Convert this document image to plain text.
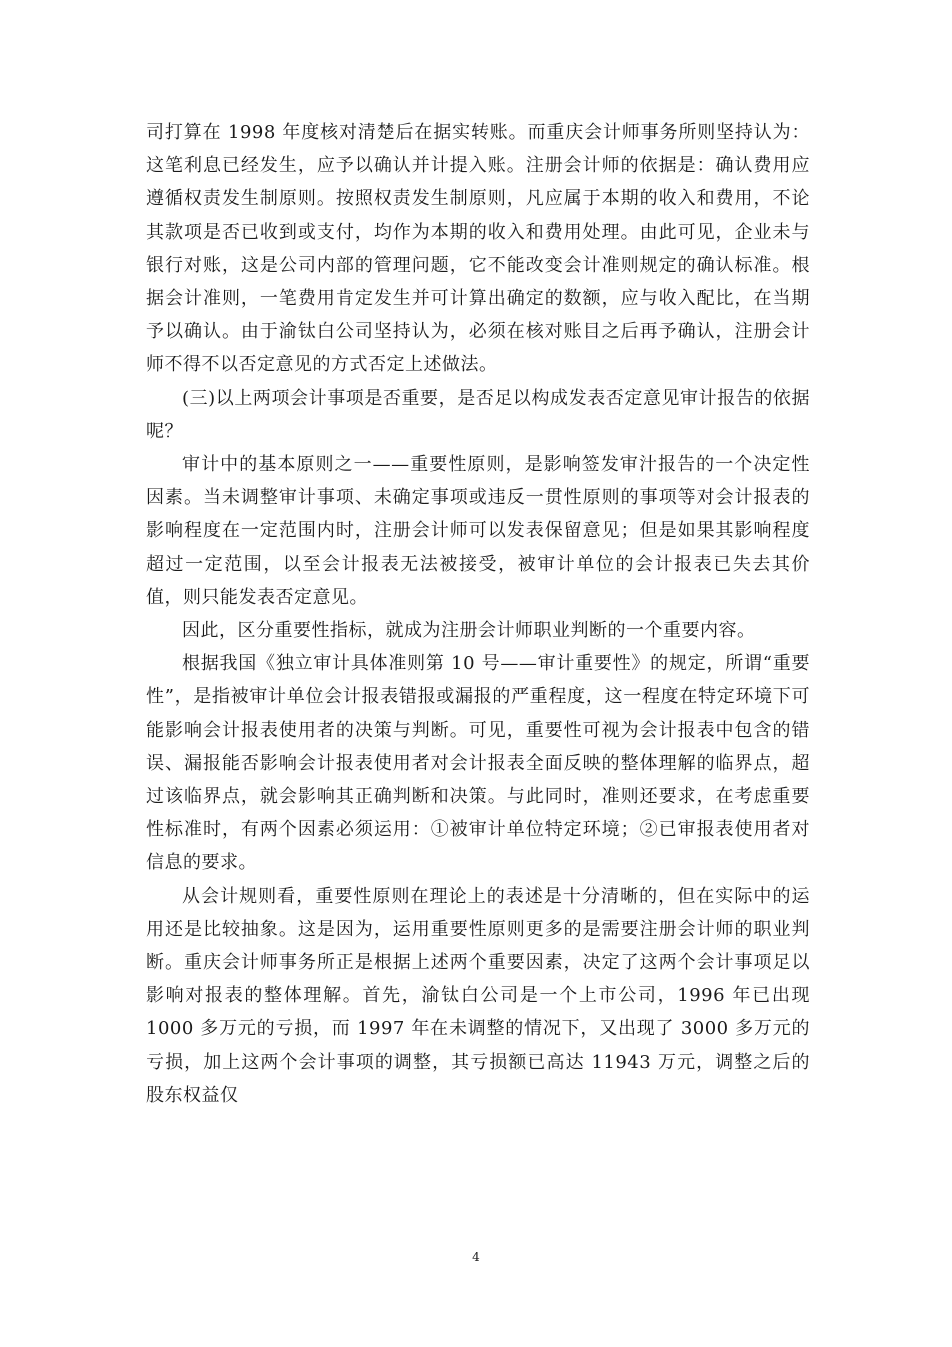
司打算在 1998 年度核对清楚后在据实转账。而重庆会计师事务所则坚持认为：这笔利息已经发生，应予以确认并计提入账。注册会计师的依据是：确认费用应遵循权责发生制原则。按照权责发生制原则，凡应属于本期的收入和费用，不论其款项是否已收到或支付，均作为本期的收入和费用处理。由此可见，企业未与银行对账，这是公司内部的管理问题，它不能改变会计准则规定的确认标准。根据会计准则，一笔费用肯定发生并可计算出确定的数额，应与收入配比，在当期予以确认。由于渝钛白公司坚持认为，必须在核对账目之后再予确认，注册会计师不得不以否定意见的方式否定上述做法。

(三)以上两项会计事项是否重要，是否足以构成发表否定意见审计报告的依据呢？

审计中的基本原则之一——重要性原则，是影响签发审汁报告的一个决定性因素。当未调整审计事项、未确定事项或违反一贯性原则的事项等对会计报表的影响程度在一定范围内时，注册会计师可以发表保留意见；但是如果其影响程度超过一定范围，以至会计报表无法被接受，被审计单位的会计报表已失去其价值，则只能发表否定意见。

因此，区分重要性指标，就成为注册会计师职业判断的一个重要内容。

根据我国《独立审计具体准则第 10 号——审计重要性》的规定，所谓“重要性”，是指被审计单位会计报表错报或漏报的严重程度，这一程度在特定环境下可能影响会计报表使用者的决策与判断。可见，重要性可视为会计报表中包含的错误、漏报能否影响会计报表使用者对会计报表全面反映的整体理解的临界点，超过该临界点，就会影响其正确判断和决策。与此同时，准则还要求，在考虑重要性标准时，有两个因素必须运用：①被审计单位特定环境；②已审报表使用者对信息的要求。

从会计规则看，重要性原则在理论上的表述是十分清晰的，但在实际中的运用还是比较抽象。这是因为，运用重要性原则更多的是需要注册会计师的职业判断。重庆会计师事务所正是根据上述两个重要因素，决定了这两个会计事项足以影响对报表的整体理解。首先，渝钛白公司是一个上市公司，1996 年已出现 1000 多万元的亏损，而 1997 年在未调整的情况下，又出现了 3000 多万元的亏损，加上这两个会计事项的调整，其亏损额已高达 11943 万元，调整之后的股东权益仅

4
